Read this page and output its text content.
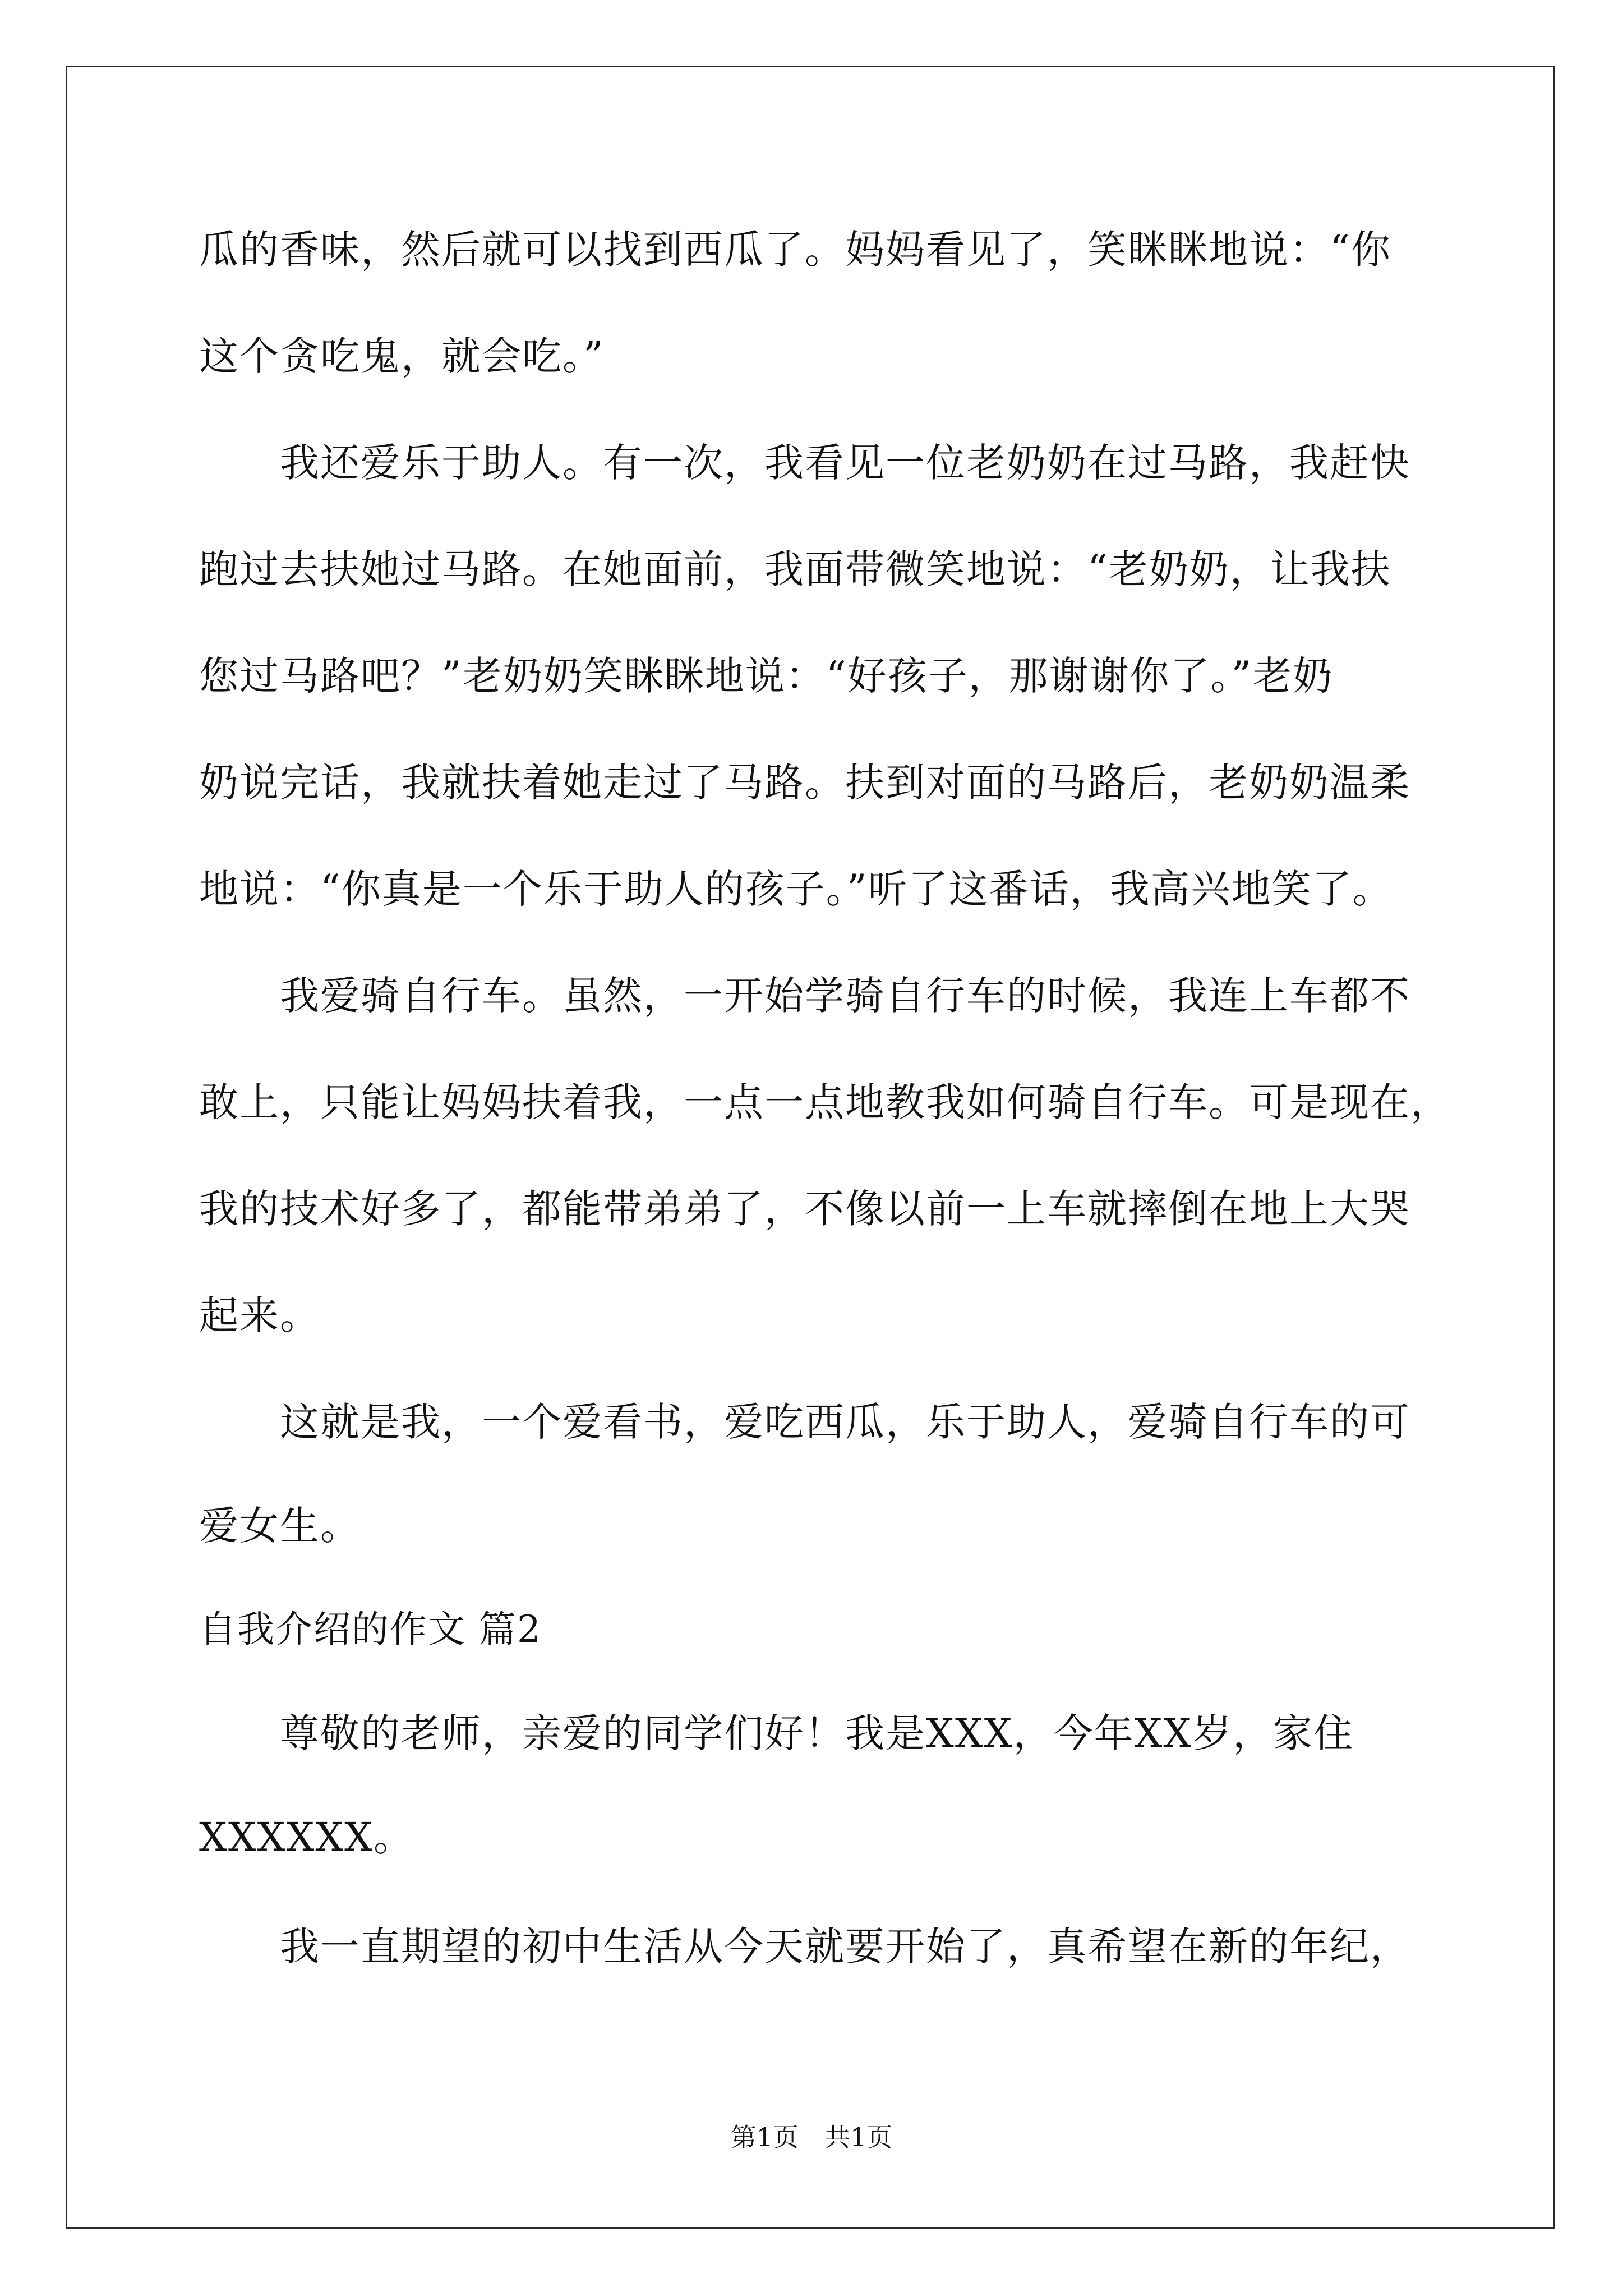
瓜的香味，然后就可以找到西瓜了。妈妈看见了，笑眯眯地说：“你

这个贪吃鬼，就会吃。”

　　我还爱乐于助人。有一次，我看见一位老奶奶在过马路，我赶快

跑过去扶她过马路。在她面前，我面带微笑地说：“老奶奶，让我扶

您过马路吧？”老奶奶笑眯眯地说：“好孩子，那谢谢你了。”老奶

奶说完话，我就扶着她走过了马路。扶到对面的马路后，老奶奶温柔

地说：“你真是一个乐于助人的孩子。”听了这番话，我高兴地笑了。

　　我爱骑自行车。虽然，一开始学骑自行车的时候，我连上车都不

敢上，只能让妈妈扶着我，一点一点地教我如何骑自行车。可是现在，

我的技术好多了，都能带弟弟了，不像以前一上车就摔倒在地上大哭

起来。

　　这就是我，一个爱看书，爱吃西瓜，乐于助人，爱骑自行车的可

爱女生。

自我介绍的作文 篇2

　　尊敬的老师，亲爱的同学们好！我是XXX，今年XX岁，家住

XXXXXX。

　　我一直期望的初中生活从今天就要开始了，真希望在新的年纪，

第1页　共1页
